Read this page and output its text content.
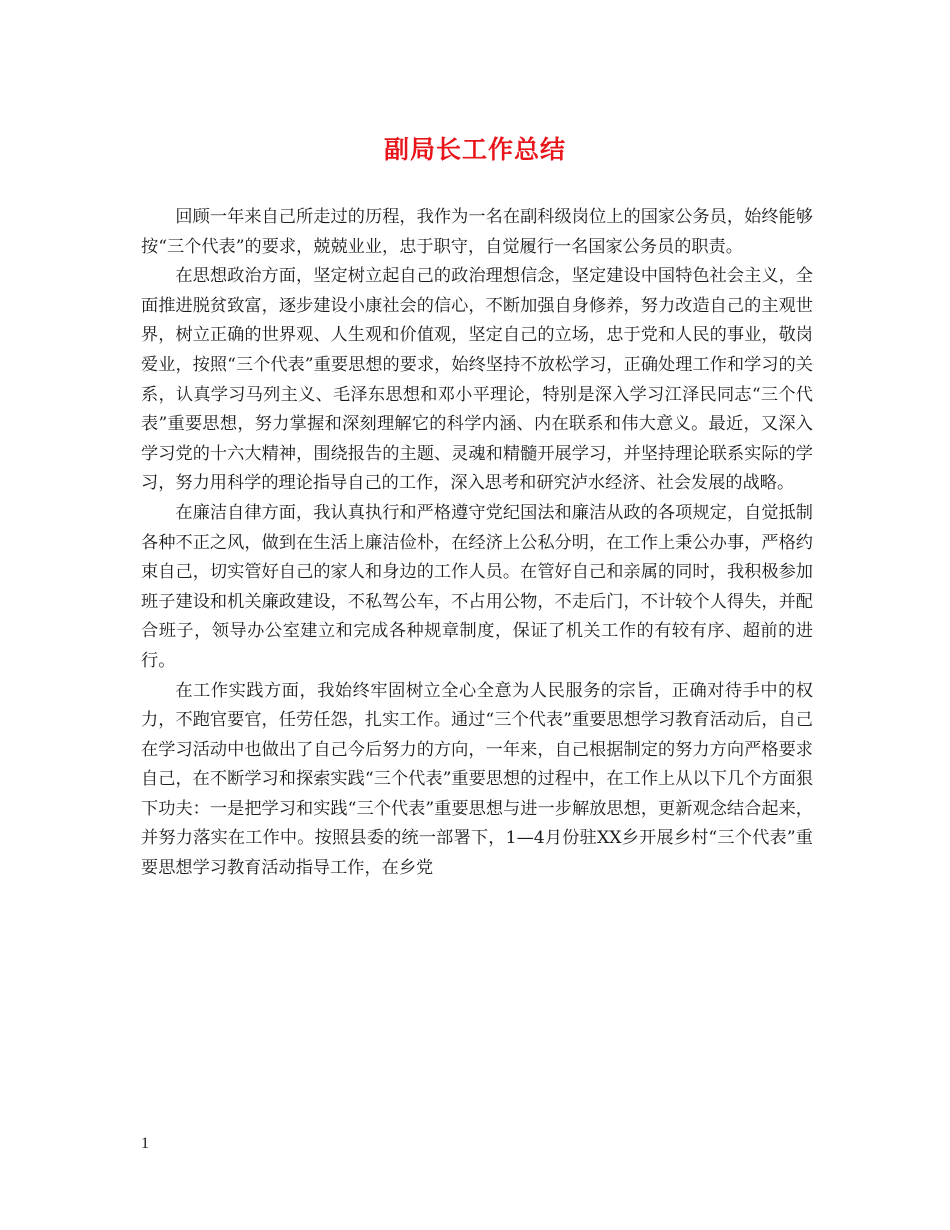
副局长工作总结

回顾一年来自己所走过的历程，我作为一名在副科级岗位上的国家公务员，始终能够按“三个代表”的要求，兢兢业业，忠于职守，自觉履行一名国家公务员的职责。

在思想政治方面，坚定树立起自己的政治理想信念，坚定建设中国特色社会主义，全面推进脱贫致富，逐步建设小康社会的信心，不断加强自身修养，努力改造自己的主观世界，树立正确的世界观、人生观和价值观，坚定自己的立场，忠于党和人民的事业，敬岗爱业，按照“三个代表”重要思想的要求，始终坚持不放松学习，正确处理工作和学习的关系，认真学习马列主义、毛泽东思想和邓小平理论，特别是深入学习江泽民同志“三个代表”重要思想，努力掌握和深刻理解它的科学内涵、内在联系和伟大意义。最近，又深入学习党的十六大精神，围绕报告的主题、灵魂和精髓开展学习，并坚持理论联系实际的学习，努力用科学的理论指导自己的工作，深入思考和研究泸水经济、社会发展的战略。

在廉洁自律方面，我认真执行和严格遵守党纪国法和廉洁从政的各项规定，自觉抵制各种不正之风，做到在生活上廉洁俭朴，在经济上公私分明，在工作上秉公办事，严格约束自己，切实管好自己的家人和身边的工作人员。在管好自己和亲属的同时，我积极参加班子建设和机关廉政建设，不私驾公车，不占用公物，不走后门，不计较个人得失，并配合班子，领导办公室建立和完成各种规章制度，保证了机关工作的有较有序、超前的进行。

在工作实践方面，我始终牢固树立全心全意为人民服务的宗旨，正确对待手中的权力，不跑官要官，任劳任怨，扎实工作。通过“三个代表”重要思想学习教育活动后，自己在学习活动中也做出了自己今后努力的方向，一年来，自己根据制定的努力方向严格要求自己，在不断学习和探索实践“三个代表”重要思想的过程中，在工作上从以下几个方面狠下功夫：一是把学习和实践“三个代表”重要思想与进一步解放思想，更新观念结合起来，并努力落实在工作中。按照县委的统一部署下，1—4月份驻XX乡开展乡村“三个代表”重要思想学习教育活动指导工作，在乡党

1
